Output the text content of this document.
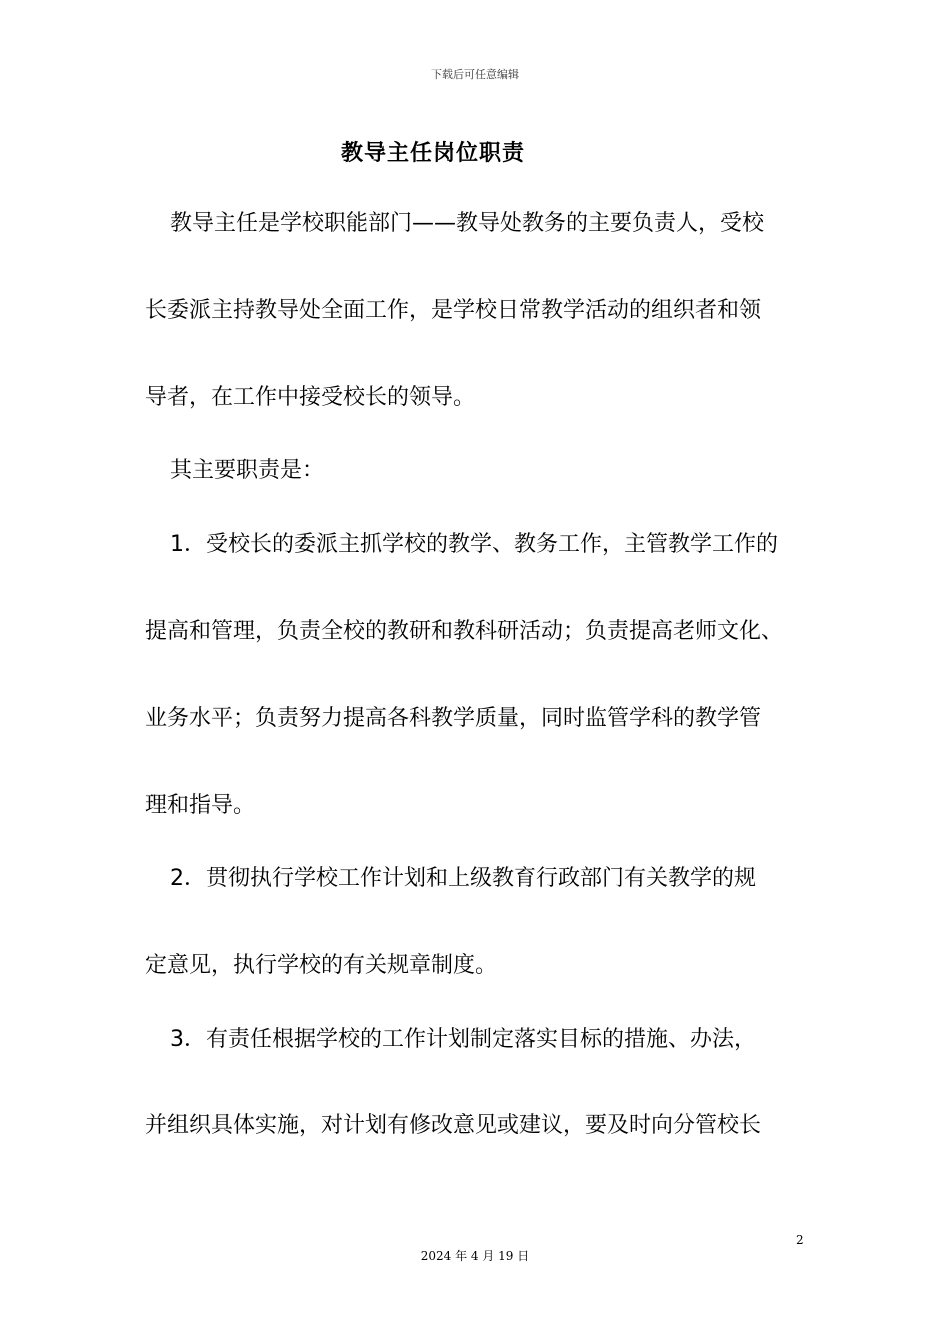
下载后可任意编辑
教导主任岗位职责
教导主任是学校职能部门——教导处教务的主要负责人，受校
长委派主持教导处全面工作，是学校日常教学活动的组织者和领
导者，在工作中接受校长的领导。
其主要职责是：
1．受校长的委派主抓学校的教学、教务工作，主管教学工作的
提高和管理，负责全校的教研和教科研活动；负责提高老师文化、
业务水平；负责努力提高各科教学质量，同时监管学科的教学管
理和指导。
2．贯彻执行学校工作计划和上级教育行政部门有关教学的规
定意见，执行学校的有关规章制度。
3．有责任根据学校的工作计划制定落实目标的措施、办法，
并组织具体实施，对计划有修改意见或建议，要及时向分管校长
2
2024 年 4 月 19 日
